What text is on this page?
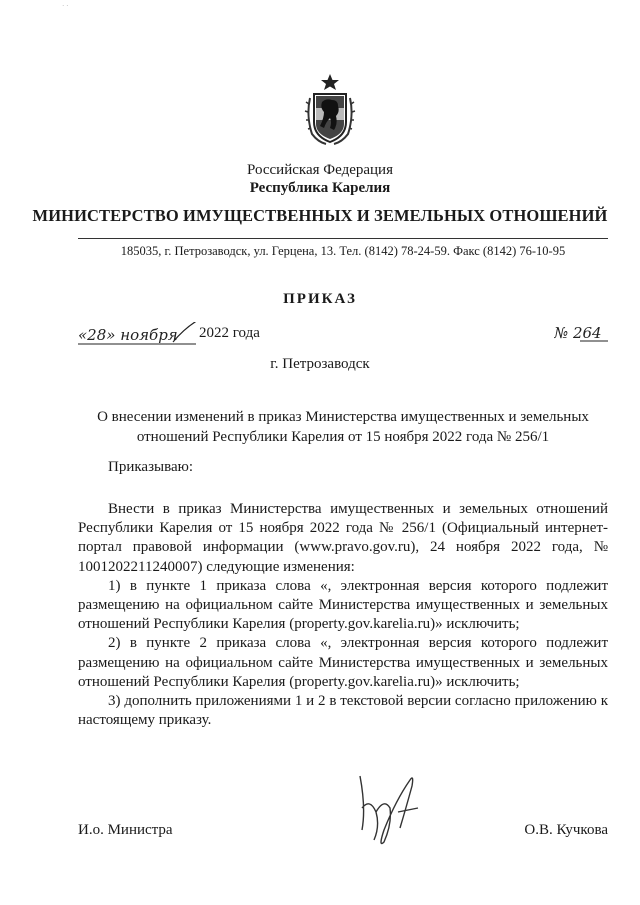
· ·
Российская Федерация
Республика Карелия
МИНИСТЕРСТВО ИМУЩЕСТВЕННЫХ И ЗЕМЕЛЬНЫХ ОТНОШЕНИЙ
185035, г. Петрозаводск, ул. Герцена, 13. Тел. (8142) 78-24-59. Факс (8142) 76-10-95
ПРИКАЗ
«28» ноября 2022 года	№ 264
г. Петрозаводск
О внесении изменений в приказ Министерства имущественных и земельных отношений Республики Карелия от 15 ноября 2022 года № 256/1
Приказываю:

Внести в приказ Министерства имущественных и земельных отношений Республики Карелия от 15 ноября 2022 года № 256/1 (Официальный интернет-портал правовой информации (www.pravo.gov.ru), 24 ноября 2022 года, № 1001202211240007) следующие изменения:

1) в пункте 1 приказа слова «, электронная версия которого подлежит размещению на официальном сайте Министерства имущественных и земельных отношений Республики Карелия (property.gov.karelia.ru)» исключить;

2) в пункте 2 приказа слова «, электронная версия которого подлежит размещению на официальном сайте Министерства имущественных и земельных отношений Республики Карелия (property.gov.karelia.ru)» исключить;

3) дополнить приложениями 1 и 2 в текстовой версии согласно приложению к настоящему приказу.

И.о. Министра	О.В. Кучкова
